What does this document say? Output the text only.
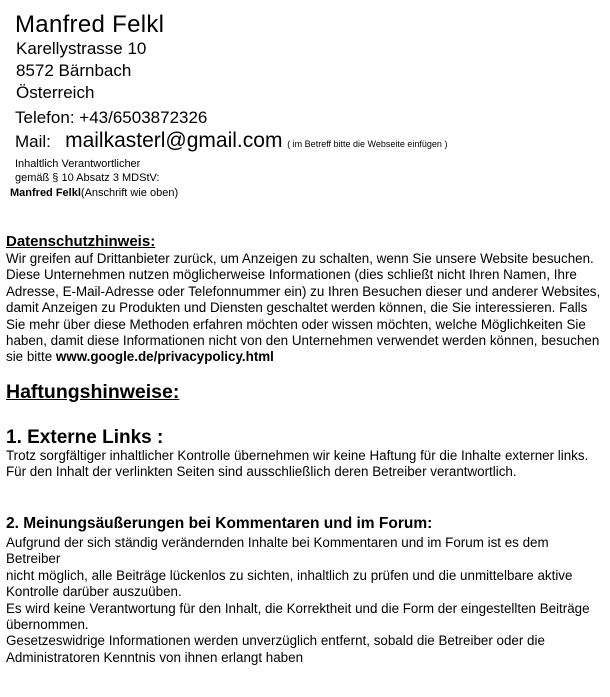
Manfred Felkl
Karellystrasse 10
8572 Bärnbach
Österreich
Telefon: +43/6503872326
Mail: mailkasterl@gmail.com ( im Betreff bitte die Webseite einfügen )
Inhaltlich Verantwortlicher
gemäß § 10 Absatz 3 MDStV:
Manfred Felkl(Anschrift wie oben)
Datenschutzhinweis:
Wir greifen auf Drittanbieter zurück, um Anzeigen zu schalten, wenn Sie unsere Website besuchen. Diese Unternehmen nutzen möglicherweise Informationen (dies schließt nicht Ihren Namen, Ihre Adresse, E-Mail-Adresse oder Telefonnummer ein) zu Ihren Besuchen dieser und anderer Websites, damit Anzeigen zu Produkten und Diensten geschaltet werden können, die Sie interessieren. Falls Sie mehr über diese Methoden erfahren möchten oder wissen möchten, welche Möglichkeiten Sie haben, damit diese Informationen nicht von den Unternehmen verwendet werden können, besuchen sie bitte www.google.de/privacypolicy.html
Haftungshinweise:
1. Externe Links :

Trotz sorgfältiger inhaltlicher Kontrolle übernehmen wir keine Haftung für die Inhalte externer links.

Für den Inhalt der verlinkten Seiten sind ausschließlich deren Betreiber verantwortlich.

2. Meinungsäußerungen bei Kommentaren und im Forum:

Aufgrund der sich ständig verändernden Inhalte bei Kommentaren und im Forum ist es dem Betreiber

nicht möglich, alle Beiträge lückenlos zu sichten, inhaltlich zu prüfen und die unmittelbare aktive Kontrolle darüber auszuüben.

Es wird keine Verantwortung für den Inhalt, die Korrektheit und die Form der eingestellten Beiträge übernommen.

Gesetzeswidrige Informationen werden unverzüglich entfernt, sobald die Betreiber oder die Administratoren Kenntnis von ihnen erlangt haben
